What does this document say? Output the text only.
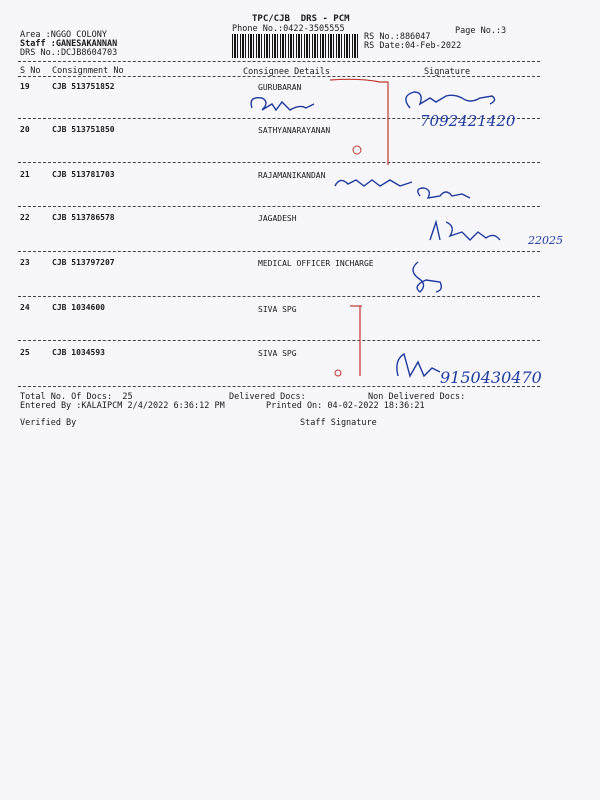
TPC/CJB  DRS - PCM
Phone No.:0422-3505555	Page No.:3
Area :NGGO COLONY
Staff :GANESAKANNAN
DRS No.:DCJB8604703
RS No.:886047
RS Date:04-Feb-2022
S No Consignment No	Consignee Details	Signature
19	CJB 513751852	GURUBARAN
20	CJB 513751850	SATHYANARAYANAN
21	CJB 513781703	RAJAMANIKANDAN
22	CJB 513786578	JAGADESH
23	CJB 513797207	MEDICAL OFFICER INCHARGE
24	CJB 1034600	SIVA SPG
25	CJB 1034593	SIVA SPG
Total No. Of Docs:  25	Delivered Docs:	Non Delivered Docs:
Entered By :KALAIPCM 2/4/2022 6:36:12 PM	Printed On: 04-02-2022 18:36:21
Verified By	Staff Signature
7092421420
22025
9150430470
